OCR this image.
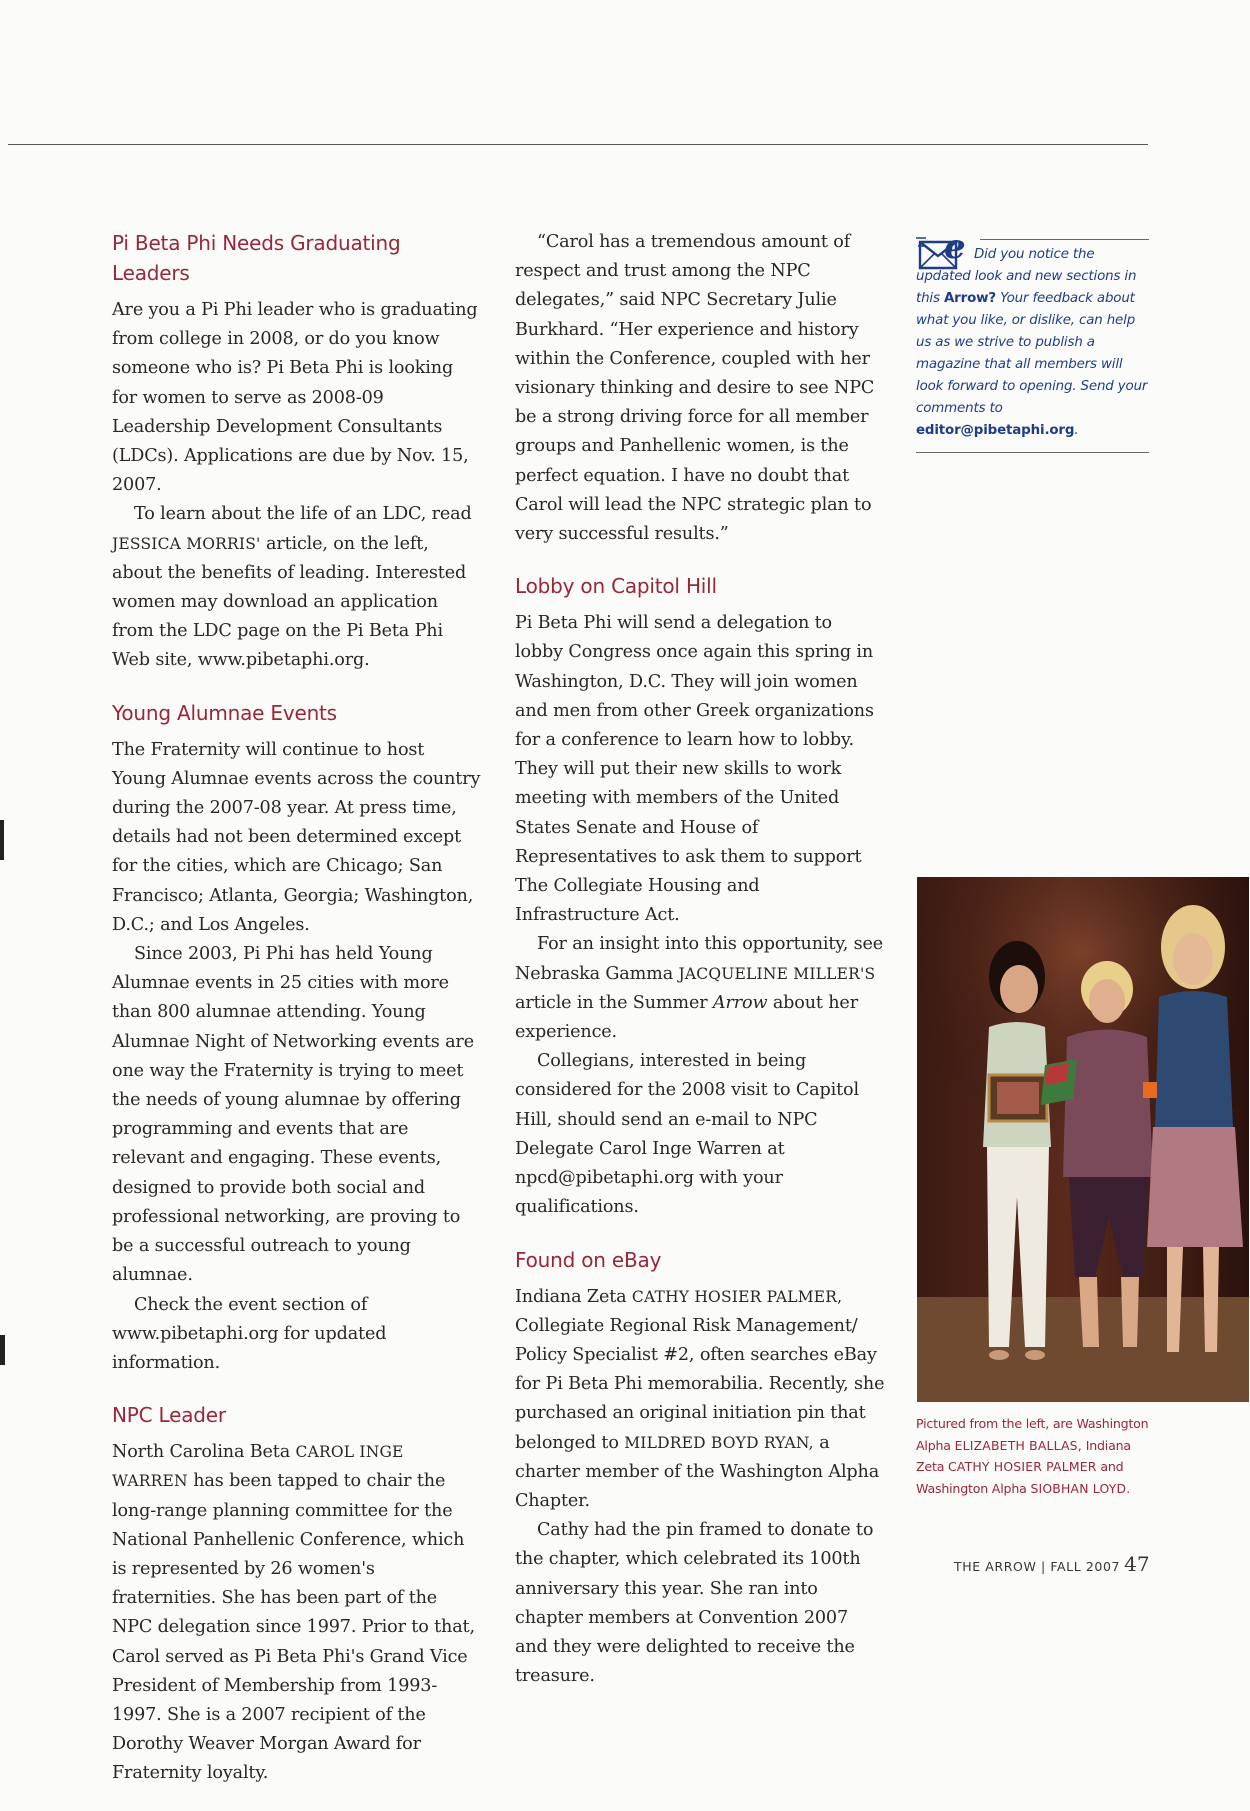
Pi Beta Phi Needs Graduating Leaders

Are you a Pi Phi leader who is graduating from college in 2008, or do you know someone who is? Pi Beta Phi is looking for women to serve as 2008-09 Leadership Development Consultants (LDCs). Applications are due by Nov. 15, 2007.

To learn about the life of an LDC, read JESSICA MORRIS' article, on the left, about the benefits of leading. Interested women may download an application from the LDC page on the Pi Beta Phi Web site, www.pibetaphi.org.

Young Alumnae Events

The Fraternity will continue to host Young Alumnae events across the country during the 2007-08 year. At press time, details had not been determined except for the cities, which are Chicago; San Francisco; Atlanta, Georgia; Washington, D.C.; and Los Angeles.

Since 2003, Pi Phi has held Young Alumnae events in 25 cities with more than 800 alumnae attending. Young Alumnae Night of Networking events are one way the Fraternity is trying to meet the needs of young alumnae by offering programming and events that are relevant and engaging. These events, designed to provide both social and professional networking, are proving to be a successful outreach to young alumnae.

Check the event section of www.pibetaphi.org for updated information.

NPC Leader

North Carolina Beta CAROL INGE WARREN has been tapped to chair the long-range planning committee for the National Panhellenic Conference, which is represented by 26 women's fraternities. She has been part of the NPC delegation since 1997. Prior to that, Carol served as Pi Beta Phi's Grand Vice President of Membership from 1993-1997. She is a 2007 recipient of the Dorothy Weaver Morgan Award for Fraternity loyalty.

“Carol has a tremendous amount of respect and trust among the NPC delegates,” said NPC Secretary Julie Burkhard. “Her experience and history within the Conference, coupled with her visionary thinking and desire to see NPC be a strong driving force for all member groups and Panhellenic women, is the perfect equation. I have no doubt that Carol will lead the NPC strategic plan to very successful results.”

Lobby on Capitol Hill

Pi Beta Phi will send a delegation to lobby Congress once again this spring in Washington, D.C. They will join women and men from other Greek organizations for a conference to learn how to lobby. They will put their new skills to work meeting with members of the United States Senate and House of Representatives to ask them to support The Collegiate Housing and Infrastructure Act.

For an insight into this opportunity, see Nebraska Gamma JACQUELINE MILLER'S article in the Summer Arrow about her experience.

Collegians, interested in being considered for the 2008 visit to Capitol Hill, should send an e-mail to NPC Delegate Carol Inge Warren at npcd@pibetaphi.org with your qualifications.

Found on eBay

Indiana Zeta CATHY HOSIER PALMER, Collegiate Regional Risk Management/ Policy Specialist #2, often searches eBay for Pi Beta Phi memorabilia. Recently, she purchased an original initiation pin that belonged to MILDRED BOYD RYAN, a charter member of the Washington Alpha Chapter.

Cathy had the pin framed to donate to the chapter, which celebrated its 100th anniversary this year. She ran into chapter members at Convention 2007 and they were delighted to receive the treasure.

e Did you notice the
updated look and new sections in this Arrow? Your feedback about what you like, or dislike, can help us as we strive to publish a magazine that all members will look forward to opening. Send your comments to editor@pibetaphi.org.
Pictured from the left, are Washington Alpha ELIZABETH BALLAS, Indiana Zeta CATHY HOSIER PALMER and Washington Alpha SIOBHAN LOYD.
THE ARROW | FALL 2007 47
